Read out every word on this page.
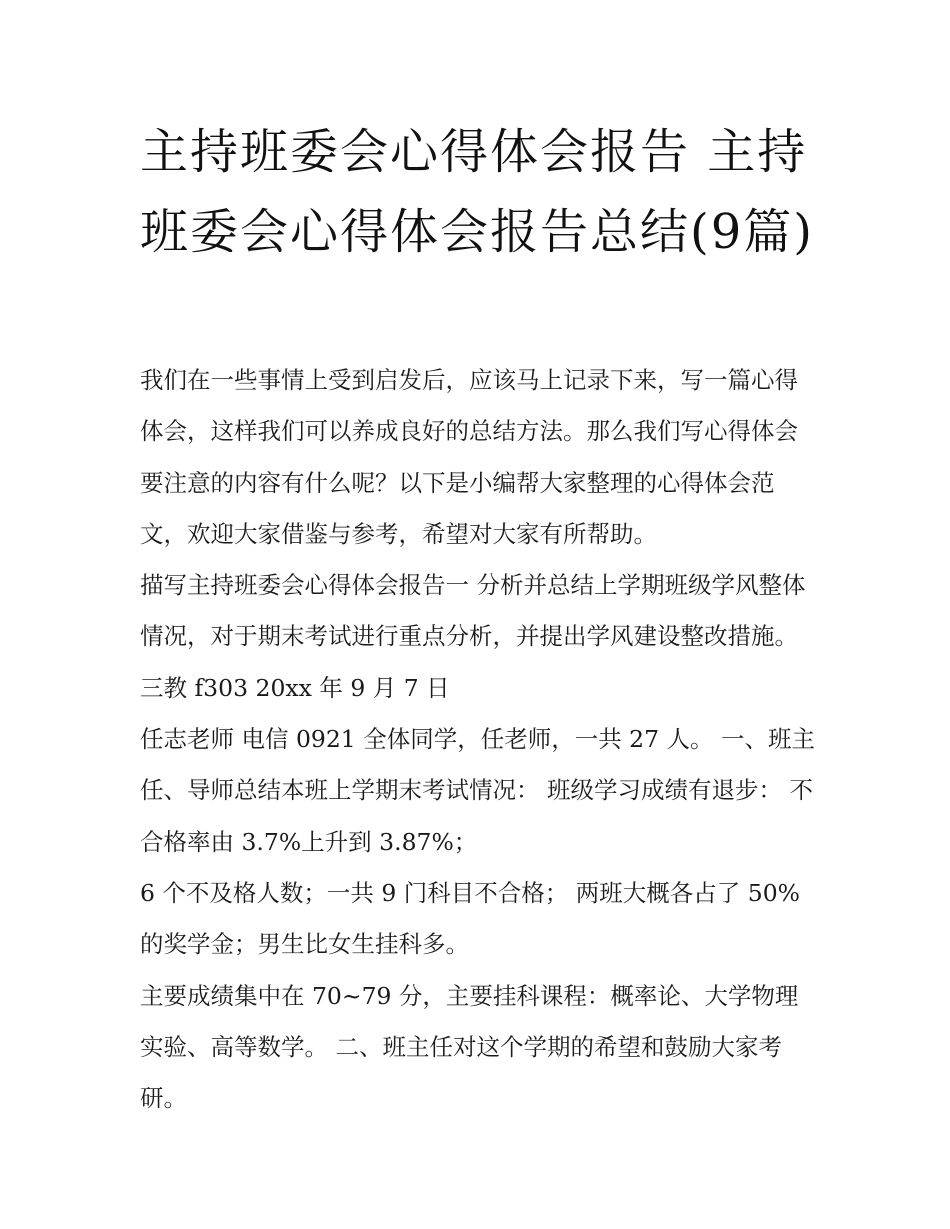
主持班委会心得体会报告 主持班委会心得体会报告总结(9篇)

我们在一些事情上受到启发后，应该马上记录下来，写一篇心得体会，这样我们可以养成良好的总结方法。那么我们写心得体会要注意的内容有什么呢？以下是小编帮大家整理的心得体会范文，欢迎大家借鉴与参考，希望对大家有所帮助。

描写主持班委会心得体会报告一 分析并总结上学期班级学风整体情况，对于期末考试进行重点分析，并提出学风建设整改措施。 三教 f303 20xx 年 9 月 7 日

任志老师 电信 0921 全体同学，任老师，一共 27 人。 一、班主任、导师总结本班上学期末考试情况： 班级学习成绩有退步： 不合格率由 3.7%上升到 3.87%；

6 个不及格人数；一共 9 门科目不合格； 两班大概各占了 50%的奖学金；男生比女生挂科多。

主要成绩集中在 70~79 分，主要挂科课程：概率论、大学物理实验、高等数学。 二、班主任对这个学期的希望和鼓励大家考研。
